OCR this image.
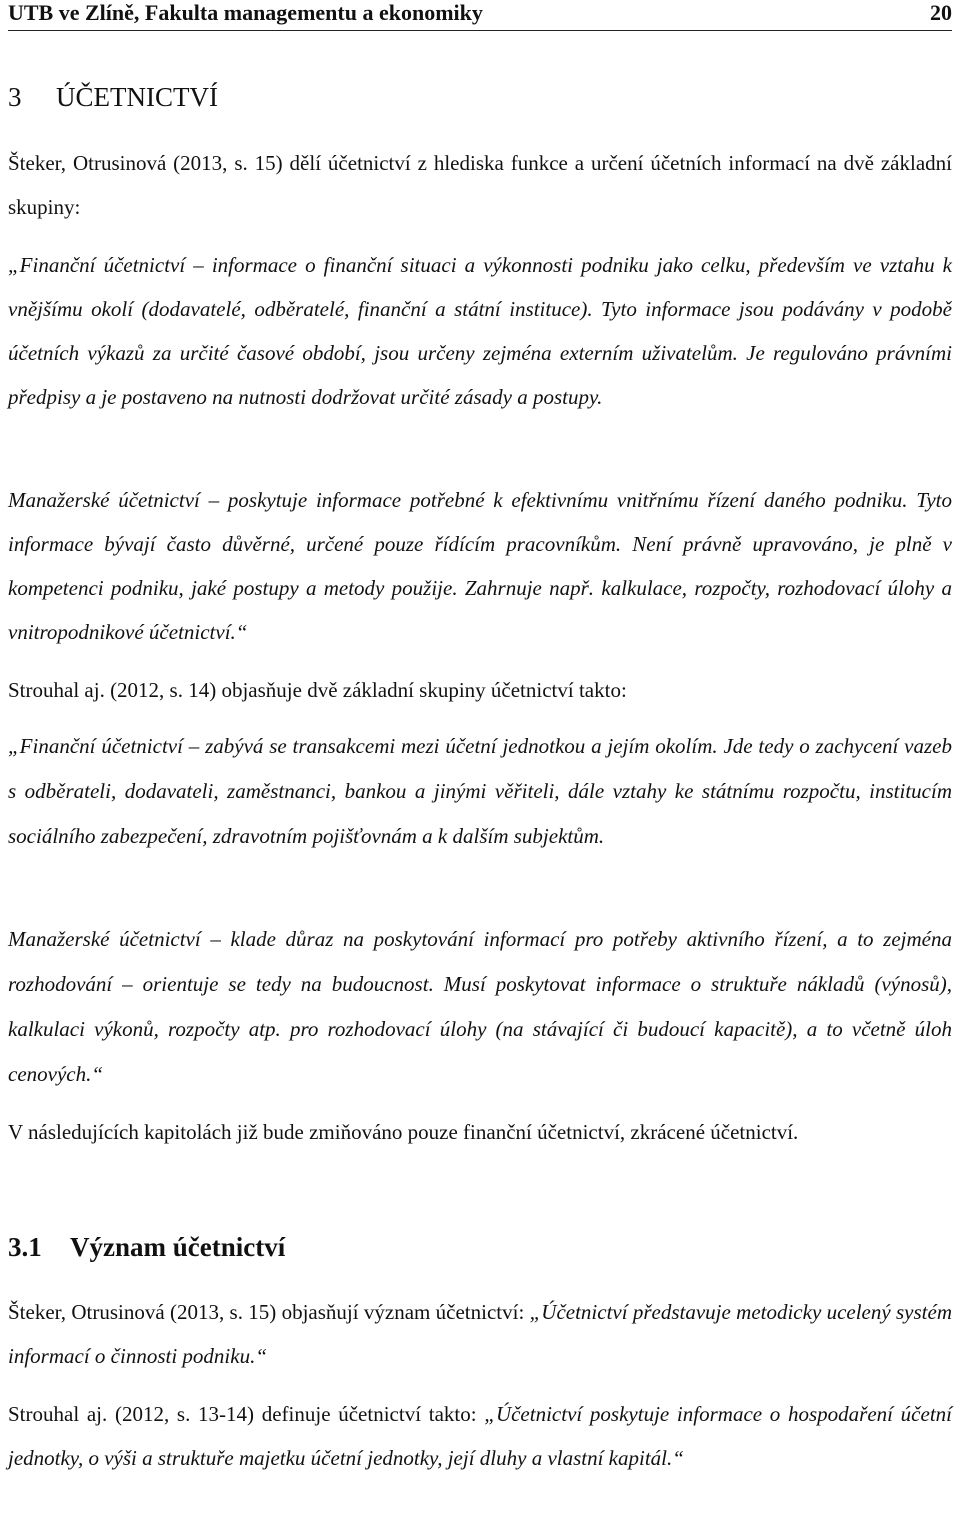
UTB ve Zlíně, Fakulta managementu a ekonomiky	20
3 ÚČETNICTVÍ
Šteker, Otrusinová (2013, s. 15) dělí účetnictví z hlediska funkce a určení účetních informací na dvě základní skupiny:
„Finanční účetnictví – informace o finanční situaci a výkonnosti podniku jako celku, především ve vztahu k vnějšímu okolí (dodavatelé, odběratelé, finanční a státní instituce). Tyto informace jsou podávány v podobě účetních výkazů za určité časové období, jsou určeny zejména externím uživatelům. Je regulováno právními předpisy a je postaveno na nutnosti dodržovat určité zásady a postupy.
Manažerské účetnictví – poskytuje informace potřebné k efektivnímu vnitřnímu řízení daného podniku. Tyto informace bývají často důvěrné, určené pouze řídícím pracovníkům. Není právně upravováno, je plně v kompetenci podniku, jaké postupy a metody použije. Zahrnuje např. kalkulace, rozpočty, rozhodovací úlohy a vnitropodnikové účetnictví.“
Strouhal aj. (2012, s. 14) objasňuje dvě základní skupiny účetnictví takto:
„Finanční účetnictví – zabývá se transakcemi mezi účetní jednotkou a jejím okolím. Jde tedy o zachycení vazeb s odběrateli, dodavateli, zaměstnanci, bankou a jinými věřiteli, dále vztahy ke státnímu rozpočtu, institucím sociálního zabezpečení, zdravotním pojišťovnám a k dalším subjektům.
Manažerské účetnictví – klade důraz na poskytování informací pro potřeby aktivního řízení, a to zejména rozhodování – orientuje se tedy na budoucnost. Musí poskytovat informace o struktuře nákladů (výnosů), kalkulaci výkonů, rozpočty atp. pro rozhodovací úlohy (na stávající či budoucí kapacitě), a to včetně úloh cenových.“
V následujících kapitolách již bude zmiňováno pouze finanční účetnictví, zkrácené účetnictví.
3.1 Význam účetnictví
Šteker, Otrusinová (2013, s. 15) objasňují význam účetnictví: „Účetnictví představuje metodicky ucelený systém informací o činnosti podniku.“
Strouhal aj. (2012, s. 13-14) definuje účetnictví takto: „Účetnictví poskytuje informace o hospodaření účetní jednotky, o výši a struktuře majetku účetní jednotky, její dluhy a vlastní kapitál.“
